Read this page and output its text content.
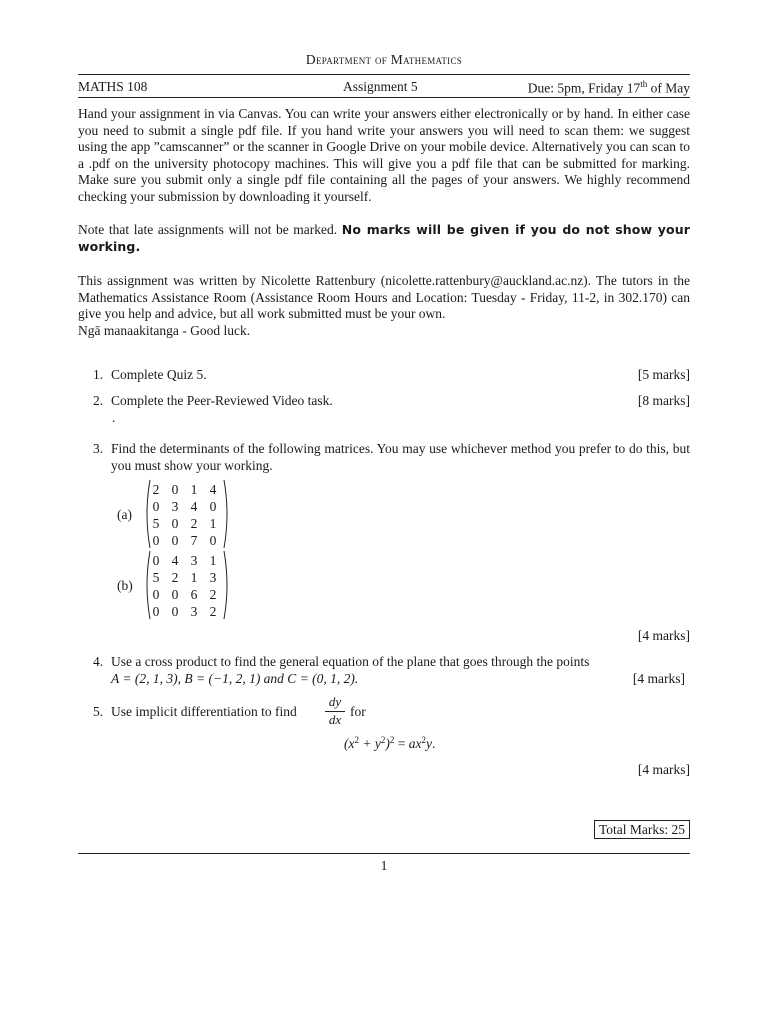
Department of Mathematics
MATHS 108	Assignment 5	Due: 5pm, Friday 17th of May

Hand your assignment in via Canvas. You can write your answers either electronically or by hand. In either case you need to submit a single pdf file. If you hand write your answers you will need to scan them: we suggest using the app ”camscanner” or the scanner in Google Drive on your mobile device. Alternatively you can scan to a .pdf on the university photocopy machines. This will give you a pdf file that can be submitted for marking. Make sure you submit only a single pdf file containing all the pages of your answers. We highly recommend checking your submission by downloading it yourself.

Note that late assignments will not be marked. No marks will be given if you do not show your working.

This assignment was written by Nicolette Rattenbury (nicolette.rattenbury@auckland.ac.nz). The tutors in the Mathematics Assistance Room (Assistance Room Hours and Location: Tuesday - Friday, 11-2, in 302.170) can give you help and advice, but all work submitted must be your own.
Ngā manaakitanga - Good luck.

1. Complete Quiz 5.	[5 marks]
2. Complete the Peer-Reviewed Video task.	[8 marks]
.
3. Find the determinants of the following matrices. You may use whichever method you prefer to do this, but you must show your working.
(a)
2 0 1 4
0 3 4 0
5 0 2 1
0 0 7 0
(b)
0 4 3 1
5 2 1 3
0 0 6 2
0 0 3 2
[4 marks]
4. Use a cross product to find the general equation of the plane that goes through the points
A = (2, 1, 3), B = (−1, 2, 1) and C = (0, 1, 2).	[4 marks]
5. Use implicit differentiation to find
dy
dx
for
$(x^2 + y^2)^2 = ax^2y$.
[4 marks]
Total Marks: 25
1
